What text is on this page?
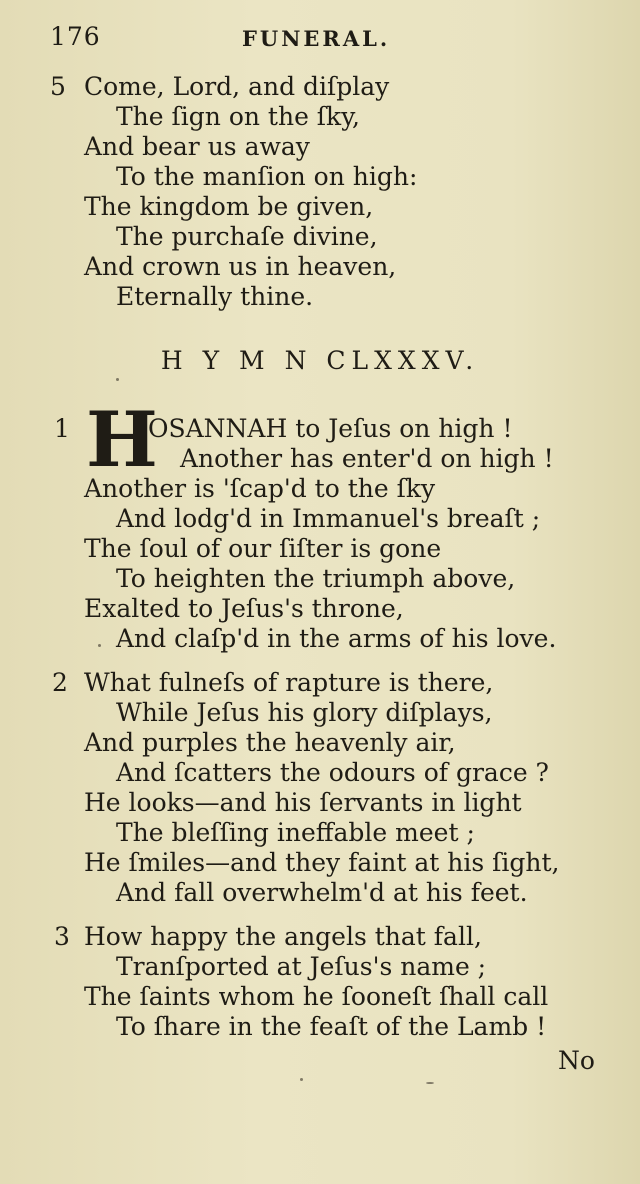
176	FUNERAL.
5 Come, Lord, and diſplay
The ſign on the ſky,
And bear us away
To the manſion on high:
The kingdom be given,
The purchaſe divine,
And crown us in heaven,
Eternally thine.
H Y M N CLXXXV.
1 H
OSANNAH to Jeſus on high !
Another has enter'd on high !
Another is 'ſcap'd to the ſky
And lodg'd in Immanuel's breaſt ;
The ſoul of our ſiſter is gone
To heighten the triumph above,
Exalted to Jeſus's throne,
And claſp'd in the arms of his love.
2 What fulneſs of rapture is there,
While Jeſus his glory diſplays,
And purples the heavenly air,
And ſcatters the odours of grace ?
He looks—and his ſervants in light
The bleſſing ineffable meet ;
He ſmiles—and they faint at his ſight,
And fall overwhelm'd at his feet.
3 How happy the angels that fall,
Tranſported at Jeſus's name ;
The ſaints whom he ſooneſt ſhall call
To ſhare in the feaſt of the Lamb !
No
